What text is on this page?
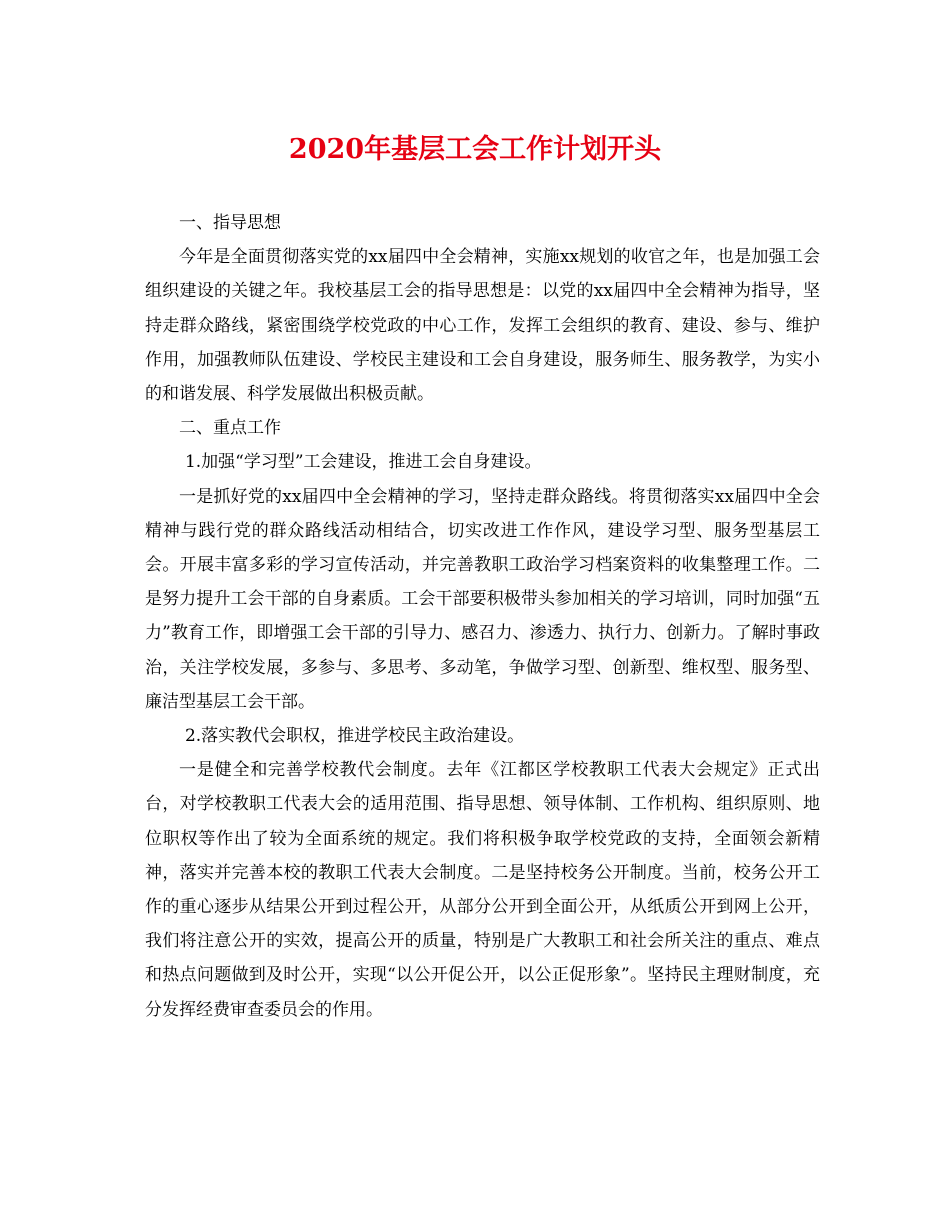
2020年基层工会工作计划开头

一、指导思想

今年是全面贯彻落实党的xx届四中全会精神，实施xx规划的收官之年，也是加强工会组织建设的关键之年。我校基层工会的指导思想是：以党的xx届四中全会精神为指导，坚持走群众路线，紧密围绕学校党政的中心工作，发挥工会组织的教育、建设、参与、维护作用，加强教师队伍建设、学校民主建设和工会自身建设，服务师生、服务教学，为实小的和谐发展、科学发展做出积极贡献。

二、重点工作

1.加强“学习型”工会建设，推进工会自身建设。

一是抓好党的xx届四中全会精神的学习，坚持走群众路线。将贯彻落实xx届四中全会精神与践行党的群众路线活动相结合，切实改进工作作风，建设学习型、服务型基层工会。开展丰富多彩的学习宣传活动，并完善教职工政治学习档案资料的收集整理工作。二是努力提升工会干部的自身素质。工会干部要积极带头参加相关的学习培训，同时加强“五力”教育工作，即增强工会干部的引导力、感召力、渗透力、执行力、创新力。了解时事政治，关注学校发展，多参与、多思考、多动笔，争做学习型、创新型、维权型、服务型、廉洁型基层工会干部。

2.落实教代会职权，推进学校民主政治建设。

一是健全和完善学校教代会制度。去年《江都区学校教职工代表大会规定》正式出台，对学校教职工代表大会的适用范围、指导思想、领导体制、工作机构、组织原则、地位职权等作出了较为全面系统的规定。我们将积极争取学校党政的支持，全面领会新精神，落实并完善本校的教职工代表大会制度。二是坚持校务公开制度。当前，校务公开工作的重心逐步从结果公开到过程公开，从部分公开到全面公开，从纸质公开到网上公开，我们将注意公开的实效，提高公开的质量，特别是广大教职工和社会所关注的重点、难点和热点问题做到及时公开，实现“以公开促公开，以公正促形象”。坚持民主理财制度，充分发挥经费审查委员会的作用。
